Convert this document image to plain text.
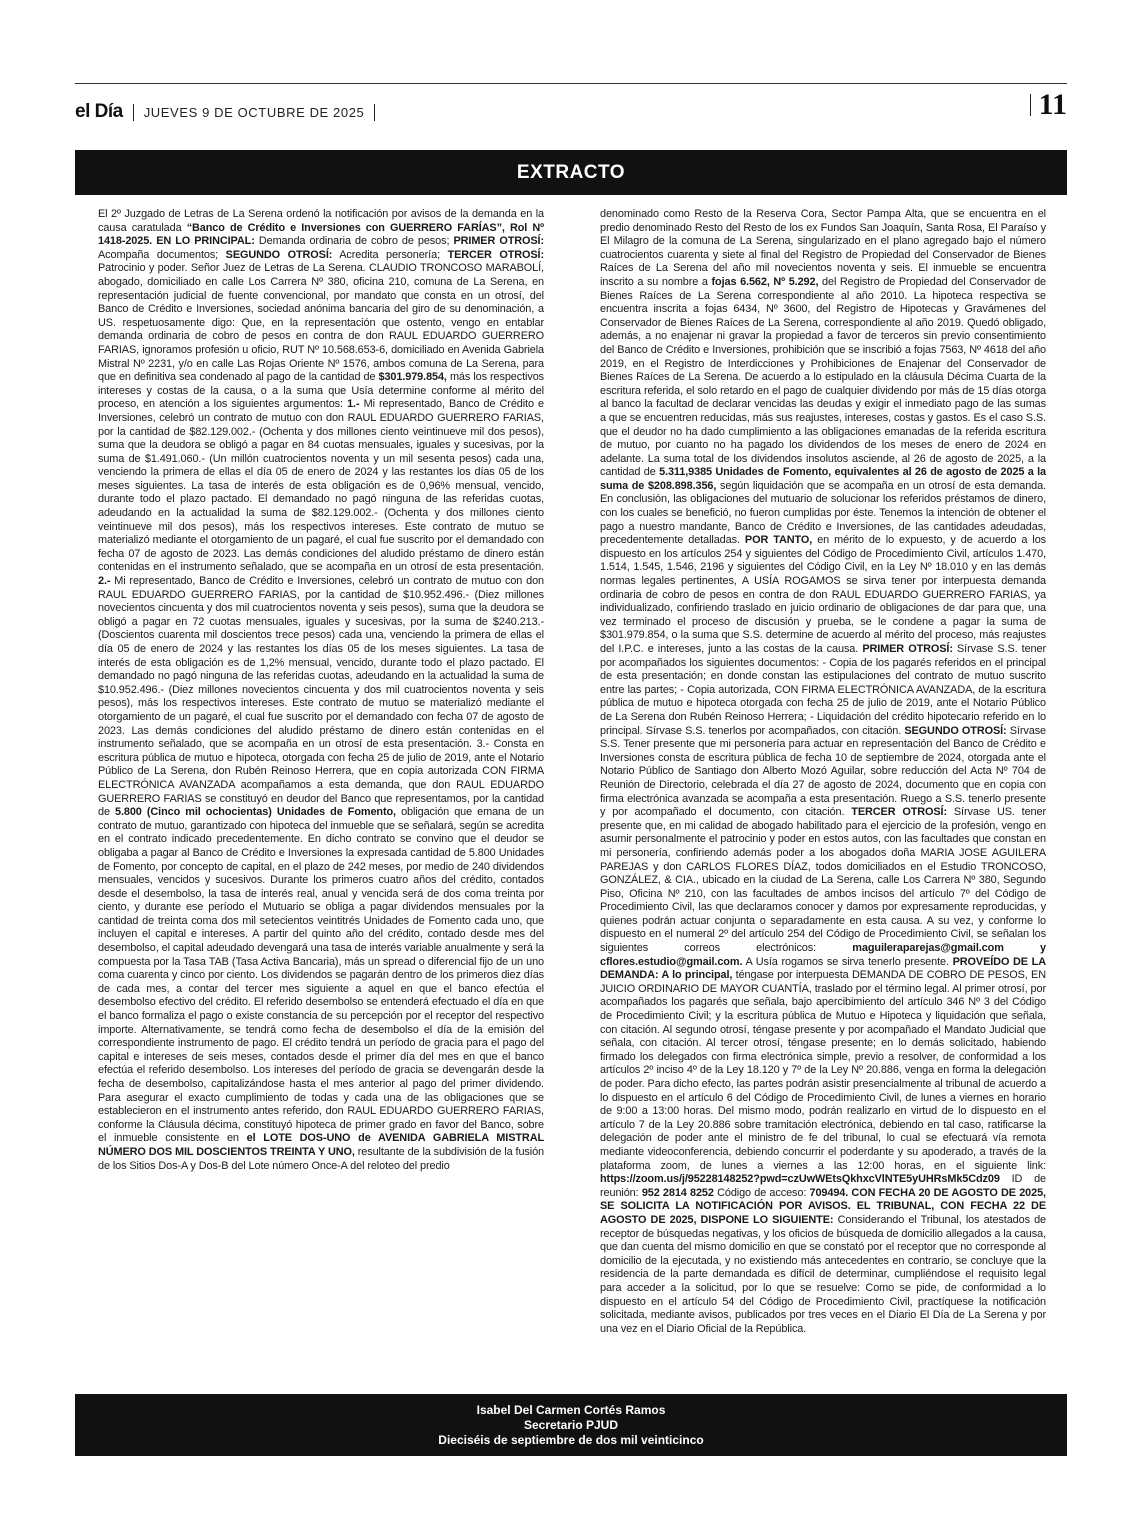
el Día JUEVES 9 DE OCTUBRE DE 2025	11
EXTRACTO

El 2º Juzgado de Letras de La Serena ordenó la notificación por avisos de la demanda en la causa caratulada “Banco de Crédito e Inversiones con GUERRERO FARÍAS”, Rol Nº 1418-2025. EN LO PRINCIPAL: Demanda ordinaria de cobro de pesos; PRIMER OTROSÍ: Acompaña documentos; SEGUNDO OTROSÍ: Acredita personería; TERCER OTROSÍ: Patrocinio y poder. Señor Juez de Letras de La Serena. CLAUDIO TRONCOSO MARABOLÍ, abogado, domiciliado en calle Los Carrera Nº 380, oficina 210, comuna de La Serena, en representación judicial de fuente convencional, por mandato que consta en un otrosí, del Banco de Crédito e Inversiones, sociedad anónima bancaria del giro de su denominación, a US. respetuosamente digo: Que, en la representación que ostento, vengo en entablar demanda ordinaria de cobro de pesos en contra de don RAUL EDUARDO GUERRERO FARIAS, ignoramos profesión u oficio, RUT Nº 10.568.653-6, domiciliado en Avenida Gabriela Mistral Nº 2231, y/o en calle Las Rojas Oriente Nº 1576, ambos comuna de La Serena, para que en definitiva sea condenado al pago de la cantidad de $301.979.854, más los respectivos intereses y costas de la causa, o a la suma que Usía determine conforme al mérito del proceso, en atención a los siguientes argumentos: 1.- Mi representado, Banco de Crédito e Inversiones, celebró un contrato de mutuo con don RAUL EDUARDO GUERRERO FARIAS, por la cantidad de $82.129.002.- (Ochenta y dos millones ciento veintinueve mil dos pesos), suma que la deudora se obligó a pagar en 84 cuotas mensuales, iguales y sucesivas, por la suma de $1.491.060.- (Un millón cuatrocientos noventa y un mil sesenta pesos) cada una, venciendo la primera de ellas el día 05 de enero de 2024 y las restantes los días 05 de los meses siguientes. La tasa de interés de esta obligación es de 0,96% mensual, vencido, durante todo el plazo pactado. El demandado no pagó ninguna de las referidas cuotas, adeudando en la actualidad la suma de $82.129.002.- (Ochenta y dos millones ciento veintinueve mil dos pesos), más los respectivos intereses. Este contrato de mutuo se materializó mediante el otorgamiento de un pagaré, el cual fue suscrito por el demandado con fecha 07 de agosto de 2023. Las demás condiciones del aludido préstamo de dinero están contenidas en el instrumento señalado, que se acompaña en un otrosí de esta presentación. 2.- Mi representado, Banco de Crédito e Inversiones, celebró un contrato de mutuo con don RAUL EDUARDO GUERRERO FARIAS, por la cantidad de $10.952.496.- (Diez millones novecientos cincuenta y dos mil cuatrocientos noventa y seis pesos), suma que la deudora se obligó a pagar en 72 cuotas mensuales, iguales y sucesivas, por la suma de $240.213.- (Doscientos cuarenta mil doscientos trece pesos) cada una, venciendo la primera de ellas el día 05 de enero de 2024 y las restantes los días 05 de los meses siguientes. La tasa de interés de esta obligación es de 1,2% mensual, vencido, durante todo el plazo pactado. El demandado no pagó ninguna de las referidas cuotas, adeudando en la actualidad la suma de $10.952.496.- (Diez millones novecientos cincuenta y dos mil cuatrocientos noventa y seis pesos), más los respectivos intereses. Este contrato de mutuo se materializó mediante el otorgamiento de un pagaré, el cual fue suscrito por el demandado con fecha 07 de agosto de 2023. Las demás condiciones del aludido préstamo de dinero están contenidas en el instrumento señalado, que se acompaña en un otrosí de esta presentación. 3.- Consta en escritura pública de mutuo e hipoteca, otorgada con fecha 25 de julio de 2019, ante el Notario Público de La Serena, don Rubén Reinoso Herrera, que en copia autorizada CON FIRMA ELECTRÓNICA AVANZADA acompañamos a esta demanda, que don RAUL EDUARDO GUERRERO FARIAS se constituyó en deudor del Banco que representamos, por la cantidad de 5.800 (Cinco mil ochocientas) Unidades de Fomento, obligación que emana de un contrato de mutuo, garantizado con hipoteca del inmueble que se señalará, según se acredita en el contrato indicado precedentemente. En dicho contrato se convino que el deudor se obligaba a pagar al Banco de Crédito e Inversiones la expresada cantidad de 5.800 Unidades de Fomento, por concepto de capital, en el plazo de 242 meses, por medio de 240 dividendos mensuales, vencidos y sucesivos. Durante los primeros cuatro años del crédito, contados desde el desembolso, la tasa de interés real, anual y vencida será de dos coma treinta por ciento, y durante ese período el Mutuario se obliga a pagar dividendos mensuales por la cantidad de treinta coma dos mil setecientos veintitrés Unidades de Fomento cada uno, que incluyen el capital e intereses. A partir del quinto año del crédito, contado desde mes del desembolso, el capital adeudado devengará una tasa de interés variable anualmente y será la compuesta por la Tasa TAB (Tasa Activa Bancaria), más un spread o diferencial fijo de un uno coma cuarenta y cinco por ciento. Los dividendos se pagarán dentro de los primeros diez días de cada mes, a contar del tercer mes siguiente a aquel en que el banco efectúa el desembolso efectivo del crédito. El referido desembolso se entenderá efectuado el día en que el banco formaliza el pago o existe constancia de su percepción por el receptor del respectivo importe. Alternativamente, se tendrá como fecha de desembolso el día de la emisión del correspondiente instrumento de pago. El crédito tendrá un período de gracia para el pago del capital e intereses de seis meses, contados desde el primer día del mes en que el banco efectúa el referido desembolso. Los intereses del período de gracia se devengarán desde la fecha de desembolso, capitalizándose hasta el mes anterior al pago del primer dividendo. Para asegurar el exacto cumplimiento de todas y cada una de las obligaciones que se establecieron en el instrumento antes referido, don RAUL EDUARDO GUERRERO FARIAS, conforme la Cláusula décima, constituyó hipoteca de primer grado en favor del Banco, sobre el inmueble consistente en el LOTE DOS-UNO de AVENIDA GABRIELA MISTRAL NÚMERO DOS MIL DOSCIENTOS TREINTA Y UNO, resultante de la subdivisión de la fusión de los Sitios Dos-A y Dos-B del Lote número Once-A del reloteo del predio

denominado como Resto de la Reserva Cora, Sector Pampa Alta, que se encuentra en el predio denominado Resto del Resto de los ex Fundos San Joaquín, Santa Rosa, El Paraíso y El Milagro de la comuna de La Serena, singularizado en el plano agregado bajo el número cuatrocientos cuarenta y siete al final del Registro de Propiedad del Conservador de Bienes Raíces de La Serena del año mil novecientos noventa y seis. El inmueble se encuentra inscrito a su nombre a fojas 6.562, Nº 5.292, del Registro de Propiedad del Conservador de Bienes Raíces de La Serena correspondiente al año 2010. La hipoteca respectiva se encuentra inscrita a fojas 6434, Nº 3600, del Registro de Hipotecas y Gravámenes del Conservador de Bienes Raíces de La Serena, correspondiente al año 2019. Quedó obligado, además, a no enajenar ni gravar la propiedad a favor de terceros sin previo consentimiento del Banco de Crédito e Inversiones, prohibición que se inscribió a fojas 7563, Nº 4618 del año 2019, en el Registro de Interdicciones y Prohibiciones de Enajenar del Conservador de Bienes Raíces de La Serena. De acuerdo a lo estipulado en la cláusula Décima Cuarta de la escritura referida, el solo retardo en el pago de cualquier dividendo por más de 15 días otorga al banco la facultad de declarar vencidas las deudas y exigir el inmediato pago de las sumas a que se encuentren reducidas, más sus reajustes, intereses, costas y gastos. Es el caso S.S. que el deudor no ha dado cumplimiento a las obligaciones emanadas de la referida escritura de mutuo, por cuanto no ha pagado los dividendos de los meses de enero de 2024 en adelante. La suma total de los dividendos insolutos asciende, al 26 de agosto de 2025, a la cantidad de 5.311,9385 Unidades de Fomento, equivalentes al 26 de agosto de 2025 a la suma de $208.898.356, según liquidación que se acompaña en un otrosí de esta demanda. En conclusión, las obligaciones del mutuario de solucionar los referidos préstamos de dinero, con los cuales se benefició, no fueron cumplidas por éste. Tenemos la intención de obtener el pago a nuestro mandante, Banco de Crédito e Inversiones, de las cantidades adeudadas, precedentemente detalladas. POR TANTO, en mérito de lo expuesto, y de acuerdo a los dispuesto en los artículos 254 y siguientes del Código de Procedimiento Civil, artículos 1.470, 1.514, 1.545, 1.546, 2196 y siguientes del Código Civil, en la Ley Nº 18.010 y en las demás normas legales pertinentes, A USÍA ROGAMOS se sirva tener por interpuesta demanda ordinaria de cobro de pesos en contra de don RAUL EDUARDO GUERRERO FARIAS, ya individualizado, confiriendo traslado en juicio ordinario de obligaciones de dar para que, una vez terminado el proceso de discusión y prueba, se le condene a pagar la suma de $301.979.854, o la suma que S.S. determine de acuerdo al mérito del proceso, más reajustes del I.P.C. e intereses, junto a las costas de la causa. PRIMER OTROSÍ: Sírvase S.S. tener por acompañados los siguientes documentos: - Copia de los pagarés referidos en el principal de esta presentación; en donde constan las estipulaciones del contrato de mutuo suscrito entre las partes; - Copia autorizada, CON FIRMA ELECTRÓNICA AVANZADA, de la escritura pública de mutuo e hipoteca otorgada con fecha 25 de julio de 2019, ante el Notario Público de La Serena don Rubén Reinoso Herrera; - Liquidación del crédito hipotecario referido en lo principal. Sírvase S.S. tenerlos por acompañados, con citación. SEGUNDO OTROSÍ: Sírvase S.S. Tener presente que mi personería para actuar en representación del Banco de Crédito e Inversiones consta de escritura pública de fecha 10 de septiembre de 2024, otorgada ante el Notario Público de Santiago don Alberto Mozó Aguilar, sobre reducción del Acta Nº 704 de Reunión de Directorio, celebrada el día 27 de agosto de 2024, documento que en copia con firma electrónica avanzada se acompaña a esta presentación. Ruego a S.S. tenerlo presente y por acompañado el documento, con citación. TERCER OTROSÍ: Sírvase US. tener presente que, en mi calidad de abogado habilitado para el ejercicio de la profesión, vengo en asumir personalmente el patrocinio y poder en estos autos, con las facultades que constan en mi personería, confiriendo además poder a los abogados doña MARIA JOSE AGUILERA PAREJAS y don CARLOS FLORES DÍAZ, todos domiciliados en el Estudio TRONCOSO, GONZÁLEZ, & CIA., ubicado en la ciudad de La Serena, calle Los Carrera Nº 380, Segundo Piso, Oficina Nº 210, con las facultades de ambos incisos del artículo 7º del Código de Procedimiento Civil, las que declaramos conocer y damos por expresamente reproducidas, y quienes podrán actuar conjunta o separadamente en esta causa. A su vez, y conforme lo dispuesto en el numeral 2º del artículo 254 del Código de Procedimiento Civil, se señalan los siguientes correos electrónicos: maguileraparejas@gmail.com y cflores.estudio@gmail.com. A Usía rogamos se sirva tenerlo presente. PROVEÍDO DE LA DEMANDA: A lo principal, téngase por interpuesta DEMANDA DE COBRO DE PESOS, EN JUICIO ORDINARIO DE MAYOR CUANTÍA, traslado por el término legal. Al primer otrosí, por acompañados los pagarés que señala, bajo apercibimiento del artículo 346 Nº 3 del Código de Procedimiento Civil; y la escritura pública de Mutuo e Hipoteca y liquidación que señala, con citación. Al segundo otrosí, téngase presente y por acompañado el Mandato Judicial que señala, con citación. Al tercer otrosí, téngase presente; en lo demás solicitado, habiendo firmado los delegados con firma electrónica simple, previo a resolver, de conformidad a los artículos 2º inciso 4º de la Ley 18.120 y 7º de la Ley Nº 20.886, venga en forma la delegación de poder. Para dicho efecto, las partes podrán asistir presencialmente al tribunal de acuerdo a lo dispuesto en el artículo 6 del Código de Procedimiento Civil, de lunes a viernes en horario de 9:00 a 13:00 horas. Del mismo modo, podrán realizarlo en virtud de lo dispuesto en el artículo 7 de la Ley 20.886 sobre tramitación electrónica, debiendo en tal caso, ratificarse la delegación de poder ante el ministro de fe del tribunal, lo cual se efectuará vía remota mediante videoconferencia, debiendo concurrir el poderdante y su apoderado, a través de la plataforma zoom, de lunes a viernes a las 12:00 horas, en el siguiente link: https://zoom.us/j/95228148252?pwd=czUwWEtsQkhxcVlNTE5yUHRsMk5Cdz09 ID de reunión: 952 2814 8252 Código de acceso: 709494. CON FECHA 20 DE AGOSTO DE 2025, SE SOLICITA LA NOTIFICACIÓN POR AVISOS. EL TRIBUNAL, CON FECHA 22 DE AGOSTO DE 2025, DISPONE LO SIGUIENTE: Considerando el Tribunal, los atestados de receptor de búsquedas negativas, y los oficios de búsqueda de domicilio allegados a la causa, que dan cuenta del mismo domicilio en que se constató por el receptor que no corresponde al domicilio de la ejecutada, y no existiendo más antecedentes en contrario, se concluye que la residencia de la parte demandada es difícil de determinar, cumpliéndose el requisito legal para acceder a la solicitud, por lo que se resuelve: Como se pide, de conformidad a lo dispuesto en el artículo 54 del Código de Procedimiento Civil, practíquese la notificación solicitada, mediante avisos, publicados por tres veces en el Diario El Día de La Serena y por una vez en el Diario Oficial de la República.

Isabel Del Carmen Cortés Ramos
Secretario PJUD
Dieciséis de septiembre de dos mil veinticinco
